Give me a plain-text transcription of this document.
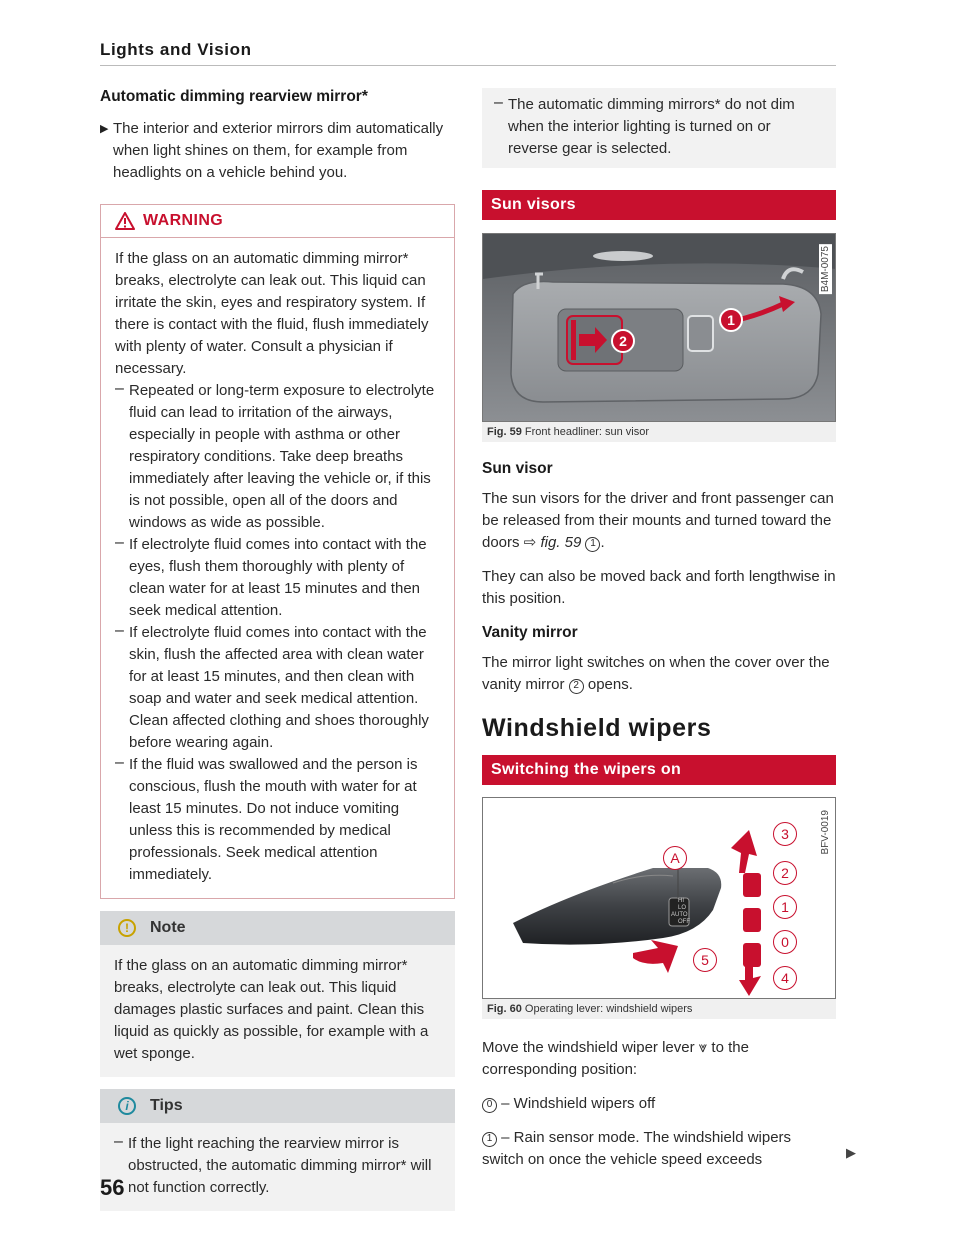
Lights and Vision
Automatic dimming rearview mirror*
▶ The interior and exterior mirrors dim automatically when light shines on them, for example from headlights on a vehicle behind you.

WARNING

If the glass on an automatic dimming mirror* breaks, electrolyte can leak out. This liquid can irritate the skin, eyes and respiratory system. If there is contact with the fluid, flush immediately with plenty of water. Consult a physician if necessary.

– Repeated or long-term exposure to electrolyte fluid can lead to irritation of the airways, especially in people with asthma or other respiratory conditions. Take deep breaths immediately after leaving the vehicle or, if this is not possible, open all of the doors and windows as wide as possible.

– If electrolyte fluid comes into contact with the eyes, flush them thoroughly with plenty of clean water for at least 15 minutes and then seek medical attention.

– If electrolyte fluid comes into contact with the skin, flush the affected area with clean water for at least 15 minutes, and then clean with soap and water and seek medical attention. Clean affected clothing and shoes thoroughly before wearing again.

– If the fluid was swallowed and the person is conscious, flush the mouth with water for at least 15 minutes. Do not induce vomiting unless this is recommended by medical professionals. Seek medical attention immediately.

!	Note

If the glass on an automatic dimming mirror* breaks, electrolyte can leak out. This liquid damages plastic surfaces and paint. Clean this liquid as quickly as possible, for example with a wet sponge.

i	Tips
– If the light reaching the rearview mirror is obstructed, the automatic dimming mirror* will not function correctly.

56
– The automatic dimming mirrors* do not dim when the interior lighting is turned on or reverse gear is selected.

Sun visors
2
1
B4M-0075
Fig. 59 Front headliner: sun visor
Sun visor

The sun visors for the driver and front passenger can be released from their mounts and turned toward the doors ⇨ fig. 59 1 .

They can also be moved back and forth lengthwise in this position.

Vanity mirror

The mirror light switches on when the cover over the vanity mirror 2 opens.

Windshield wipers
Switching the wipers on
HI
LO
AUTO
OFF
A
3
2
1
0
4
5
BFV-0019
Fig. 60 Operating lever: windshield wipers

Move the windshield wiper lever ⩔ to the corresponding position:

0 – Windshield wipers off

1 – Rain sensor mode. The windshield wipers switch on once the vehicle speed exceeds	▶
